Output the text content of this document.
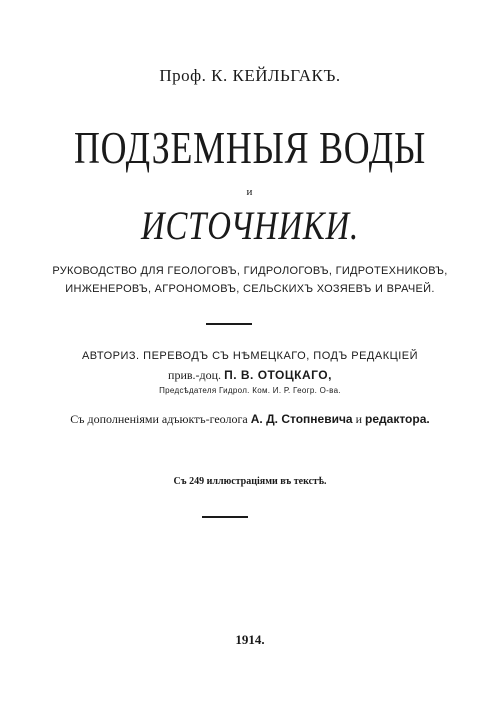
Проф. К. КЕЙЛЬГАКЪ.
ПОДЗЕМНЫЯ ВОДЫ
и
ИСТОЧНИКИ.
РУКОВОДСТВО ДЛЯ ГЕОЛОГОВЪ, ГИДРОЛОГОВЪ, ГИДРОТЕХНИКОВЪ,
ИНЖЕНЕРОВЪ, АГРОНОМОВЪ, СЕЛЬСКИХЪ ХОЗЯЕВЪ И ВРАЧЕЙ.
АВТОРИЗ. ПЕРЕВОДЪ СЪ НѢМЕЦКАГО, ПОДЪ РЕДАКЦІЕЙ
прив.-доц. П. В. ОТОЦКАГО,
Предсѣдателя Гидрол. Ком. И. Р. Геогр. О-ва.
Съ дополненіями адъюктъ-геолога А. Д. Стопневича и редактора.
Съ 249 иллюстраціями въ текстѣ.
1914.
